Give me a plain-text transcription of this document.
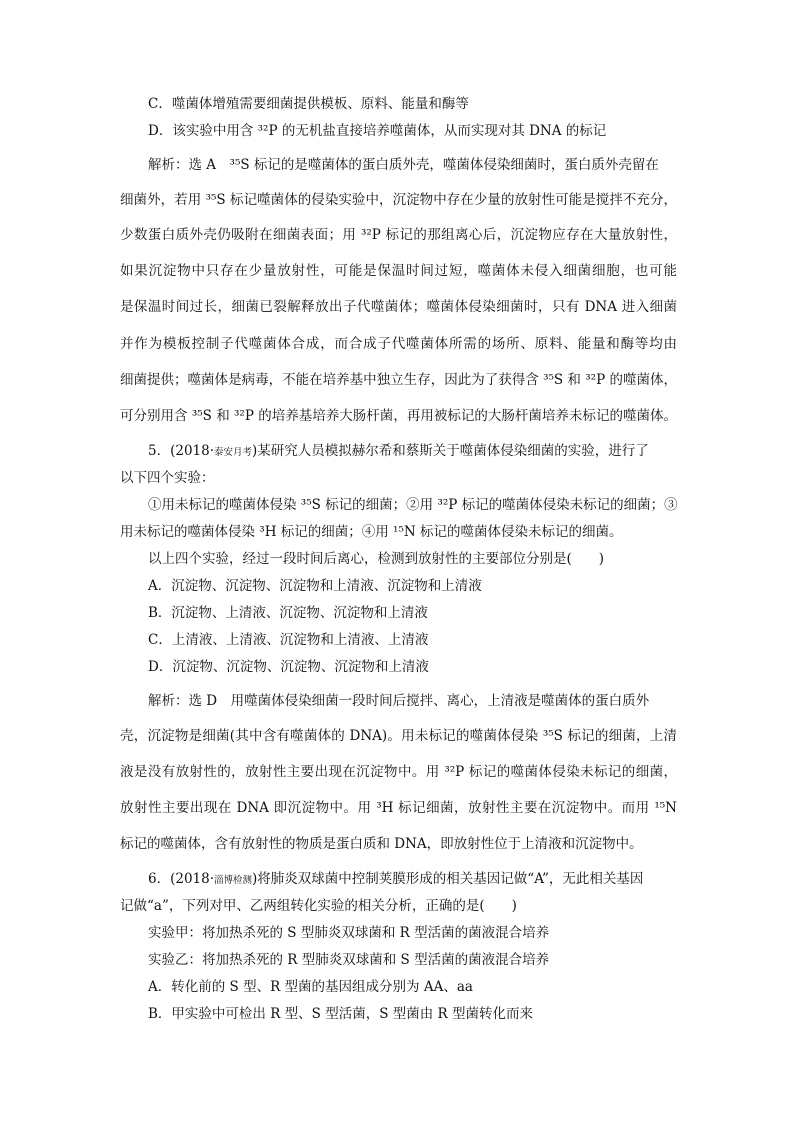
C．噬菌体增殖需要细菌提供模板、原料、能量和酶等
D．该实验中用含 ³²P 的无机盐直接培养噬菌体，从而实现对其 DNA 的标记
解析：选 A　³⁵S 标记的是噬菌体的蛋白质外壳，噬菌体侵染细菌时，蛋白质外壳留在
细菌外，若用 ³⁵S 标记噬菌体的侵染实验中，沉淀物中存在少量的放射性可能是搅拌不充分，
少数蛋白质外壳仍吸附在细菌表面；用 ³²P 标记的那组离心后，沉淀物应存在大量放射性，
如果沉淀物中只存在少量放射性，可能是保温时间过短，噬菌体未侵入细菌细胞，也可能
是保温时间过长，细菌已裂解释放出子代噬菌体；噬菌体侵染细菌时，只有 DNA 进入细菌
并作为模板控制子代噬菌体合成，而合成子代噬菌体所需的场所、原料、能量和酶等均由
细菌提供；噬菌体是病毒，不能在培养基中独立生存，因此为了获得含 ³⁵S 和 ³²P 的噬菌体，
可分别用含 ³⁵S 和 ³²P 的培养基培养大肠杆菌，再用被标记的大肠杆菌培养未标记的噬菌体。
5．(2018·泰安月考)某研究人员模拟赫尔希和蔡斯关于噬菌体侵染细菌的实验，进行了
以下四个实验：
①用未标记的噬菌体侵染 ³⁵S 标记的细菌；②用 ³²P 标记的噬菌体侵染未标记的细菌；③
用未标记的噬菌体侵染 ³H 标记的细菌；④用 ¹⁵N 标记的噬菌体侵染未标记的细菌。
以上四个实验，经过一段时间后离心，检测到放射性的主要部位分别是(　　)
A．沉淀物、沉淀物、沉淀物和上清液、沉淀物和上清液
B．沉淀物、上清液、沉淀物、沉淀物和上清液
C．上清液、上清液、沉淀物和上清液、上清液
D．沉淀物、沉淀物、沉淀物、沉淀物和上清液
解析：选 D　用噬菌体侵染细菌一段时间后搅拌、离心，上清液是噬菌体的蛋白质外
壳，沉淀物是细菌(其中含有噬菌体的 DNA)。用未标记的噬菌体侵染 ³⁵S 标记的细菌，上清
液是没有放射性的，放射性主要出现在沉淀物中。用 ³²P 标记的噬菌体侵染未标记的细菌，
放射性主要出现在 DNA 即沉淀物中。用 ³H 标记细菌，放射性主要在沉淀物中。而用 ¹⁵N
标记的噬菌体，含有放射性的物质是蛋白质和 DNA，即放射性位于上清液和沉淀物中。
6．(2018·淄博检测)将肺炎双球菌中控制荚膜形成的相关基因记做“A”，无此相关基因
记做“a”，下列对甲、乙两组转化实验的相关分析，正确的是(　　)
实验甲：将加热杀死的 S 型肺炎双球菌和 R 型活菌的菌液混合培养
实验乙：将加热杀死的 R 型肺炎双球菌和 S 型活菌的菌液混合培养
A．转化前的 S 型、R 型菌的基因组成分别为 AA、aa
B．甲实验中可检出 R 型、S 型活菌，S 型菌由 R 型菌转化而来
